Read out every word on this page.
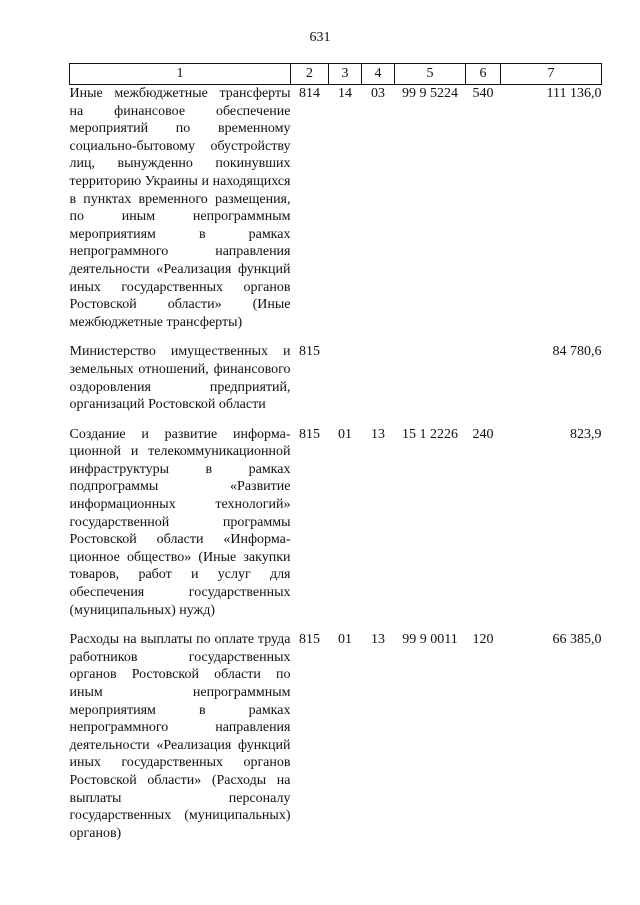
631
1	2	3	4	5	6	7
Иные межбюджетные трансферты на финансовое обеспечение мероприятий по временному социально-бытовому обустройству лиц, вынужденно покинувших территорию Украины и находящихся в пунктах временного размещения, по иным непрограммным мероприятиям в рамках непрограммного направления деятельности «Реализация функций иных государственных органов Ростовской области» (Иные межбюджетные трансферты)	814	14	03	99 9 5224	540	111 136,0

Министерство имущественных и земельных отношений, финансового оздоровления предприятий, организаций Ростовской области	815					84 780,6

Создание и развитие информационной и телекоммуникационной инфраструктуры в рамках подпрограммы «Развитие информационных технологий» государственной программы Ростовской области «Информационное общество» (Иные закупки товаров, работ и услуг для обеспечения государственных (муниципальных) нужд)	815	01	13	15 1 2226	240	823,9

Расходы на выплаты по оплате труда работников государственных органов Ростовской области по иным непрограммным мероприятиям в рамках непрограммного направления деятельности «Реализация функций иных государственных органов Ростовской области» (Расходы на выплаты персоналу государственных (муниципальных) органов)	815	01	13	99 9 0011	120	66 385,0
